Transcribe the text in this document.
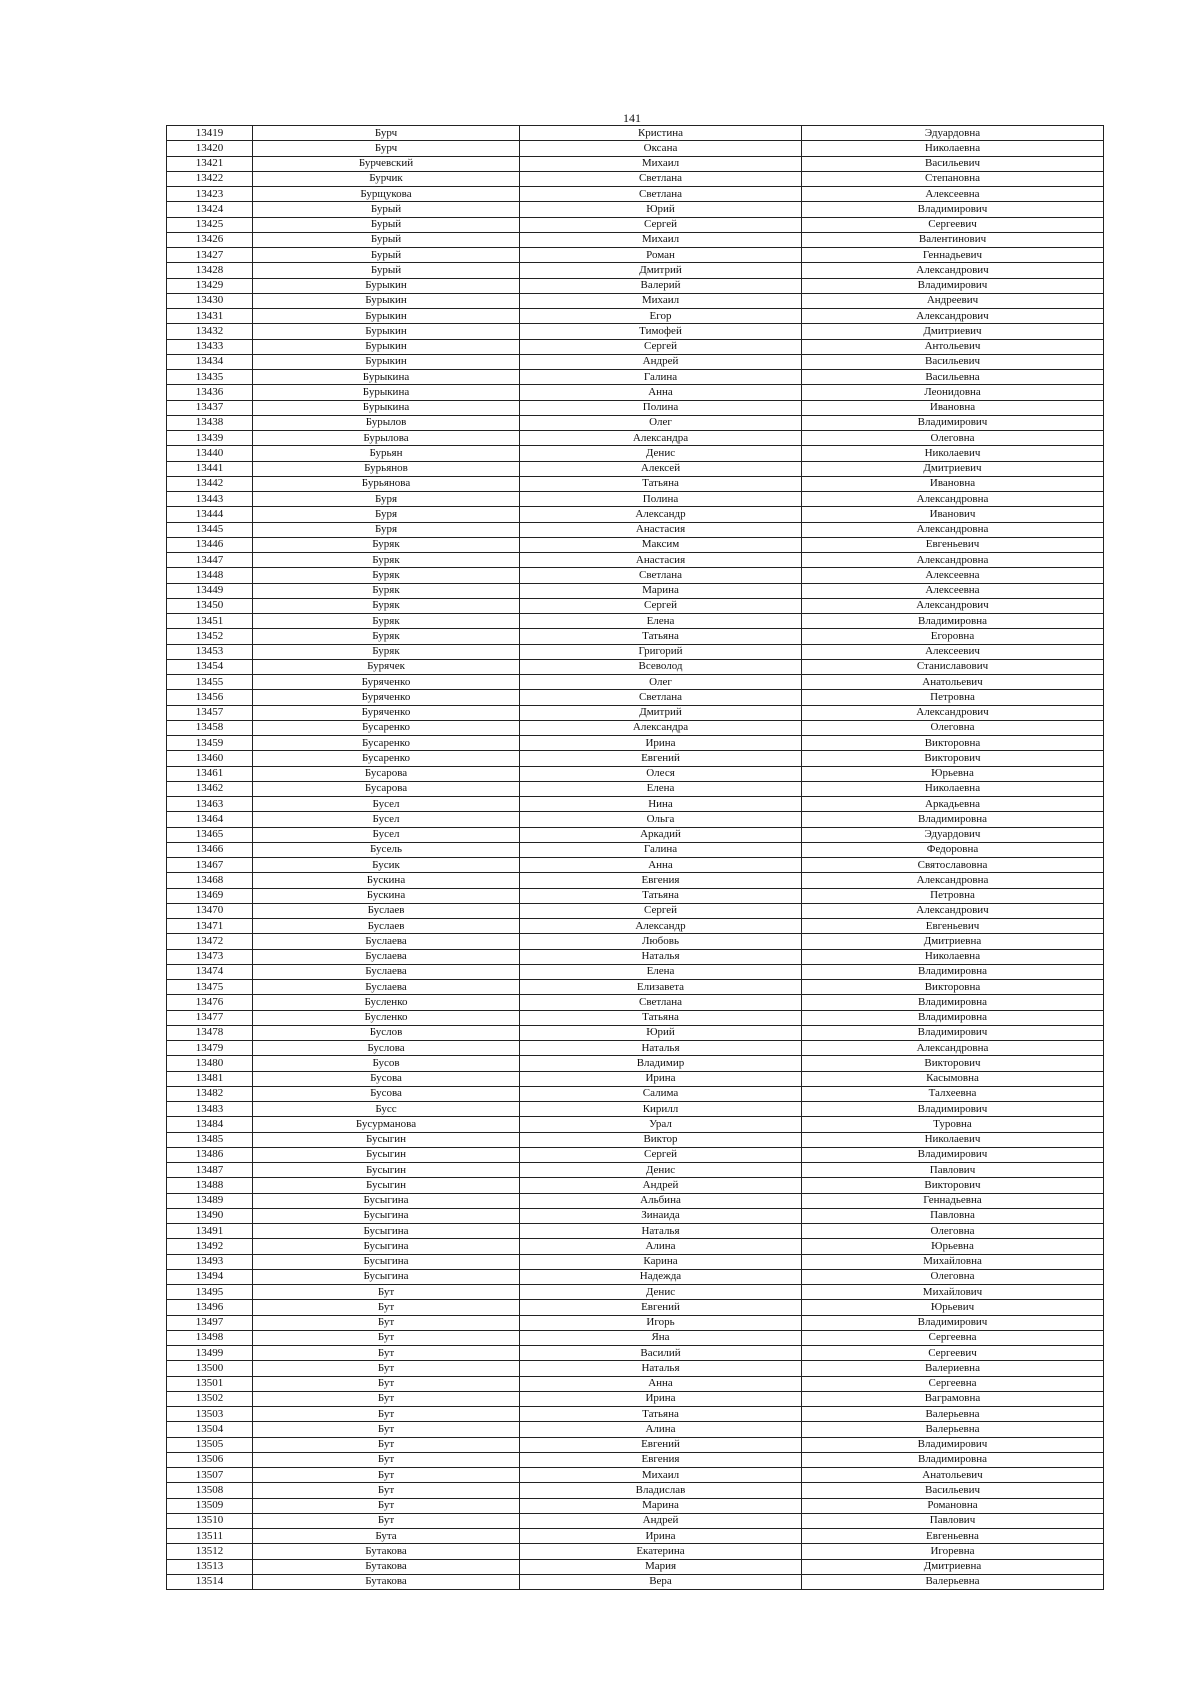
141
13419	Бурч	Кристина	Эдуардовна
13420	Бурч	Оксана	Николаевна
13421	Бурчевский	Михаил	Васильевич
13422	Бурчик	Светлана	Степановна
13423	Бурщукова	Светлана	Алексеевна
13424	Бурый	Юрий	Владимирович
13425	Бурый	Сергей	Сергеевич
13426	Бурый	Михаил	Валентинович
13427	Бурый	Роман	Геннадьевич
13428	Бурый	Дмитрий	Александрович
13429	Бурыкин	Валерий	Владимирович
13430	Бурыкин	Михаил	Андреевич
13431	Бурыкин	Егор	Александрович
13432	Бурыкин	Тимофей	Дмитриевич
13433	Бурыкин	Сергей	Антольевич
13434	Бурыкин	Андрей	Васильевич
13435	Бурыкина	Галина	Васильевна
13436	Бурыкина	Анна	Леонидовна
13437	Бурыкина	Полина	Ивановна
13438	Бурылов	Олег	Владимирович
13439	Бурылова	Александра	Олеговна
13440	Бурьян	Денис	Николаевич
13441	Бурьянов	Алексей	Дмитриевич
13442	Бурьянова	Татьяна	Ивановна
13443	Буря	Полина	Александровна
13444	Буря	Александр	Иванович
13445	Буря	Анастасия	Александровна
13446	Буряк	Максим	Евгеньевич
13447	Буряк	Анастасия	Александровна
13448	Буряк	Светлана	Алексеевна
13449	Буряк	Марина	Алексеевна
13450	Буряк	Сергей	Александрович
13451	Буряк	Елена	Владимировна
13452	Буряк	Татьяна	Егоровна
13453	Буряк	Григорий	Алексеевич
13454	Бурячек	Всеволод	Станиславович
13455	Буряченко	Олег	Анатольевич
13456	Буряченко	Светлана	Петровна
13457	Буряченко	Дмитрий	Александрович
13458	Бусаренко	Александра	Олеговна
13459	Бусаренко	Ирина	Викторовна
13460	Бусаренко	Евгений	Викторович
13461	Бусарова	Олеся	Юрьевна
13462	Бусарова	Елена	Николаевна
13463	Бусел	Нина	Аркадьевна
13464	Бусел	Ольга	Владимировна
13465	Бусел	Аркадий	Эдуардович
13466	Бусель	Галина	Федоровна
13467	Бусик	Анна	Святославовна
13468	Бускина	Евгения	Александровна
13469	Бускина	Татьяна	Петровна
13470	Буслаев	Сергей	Александрович
13471	Буслаев	Александр	Евгеньевич
13472	Буслаева	Любовь	Дмитриевна
13473	Буслаева	Наталья	Николаевна
13474	Буслаева	Елена	Владимировна
13475	Буслаева	Елизавета	Викторовна
13476	Бусленко	Светлана	Владимировна
13477	Бусленко	Татьяна	Владимировна
13478	Буслов	Юрий	Владимирович
13479	Буслова	Наталья	Александровна
13480	Бусов	Владимир	Викторович
13481	Бусова	Ирина	Касымовна
13482	Бусова	Салима	Талхеевна
13483	Бусс	Кирилл	Владимирович
13484	Бусурманова	Урал	Туровна
13485	Бусыгин	Виктор	Николаевич
13486	Бусыгин	Сергей	Владимирович
13487	Бусыгин	Денис	Павлович
13488	Бусыгин	Андрей	Викторович
13489	Бусыгина	Альбина	Геннадьевна
13490	Бусыгина	Зинаида	Павловна
13491	Бусыгина	Наталья	Олеговна
13492	Бусыгина	Алина	Юрьевна
13493	Бусыгина	Карина	Михайловна
13494	Бусыгина	Надежда	Олеговна
13495	Бут	Денис	Михайлович
13496	Бут	Евгений	Юрьевич
13497	Бут	Игорь	Владимирович
13498	Бут	Яна	Сергеевна
13499	Бут	Василий	Сергеевич
13500	Бут	Наталья	Валериевна
13501	Бут	Анна	Сергеевна
13502	Бут	Ирина	Ваграмовна
13503	Бут	Татьяна	Валерьевна
13504	Бут	Алина	Валерьевна
13505	Бут	Евгений	Владимирович
13506	Бут	Евгения	Владимировна
13507	Бут	Михаил	Анатольевич
13508	Бут	Владислав	Васильевич
13509	Бут	Марина	Романовна
13510	Бут	Андрей	Павлович
13511	Бута	Ирина	Евгеньевна
13512	Бутакова	Екатерина	Игоревна
13513	Бутакова	Мария	Дмитриевна
13514	Бутакова	Вера	Валерьевна
